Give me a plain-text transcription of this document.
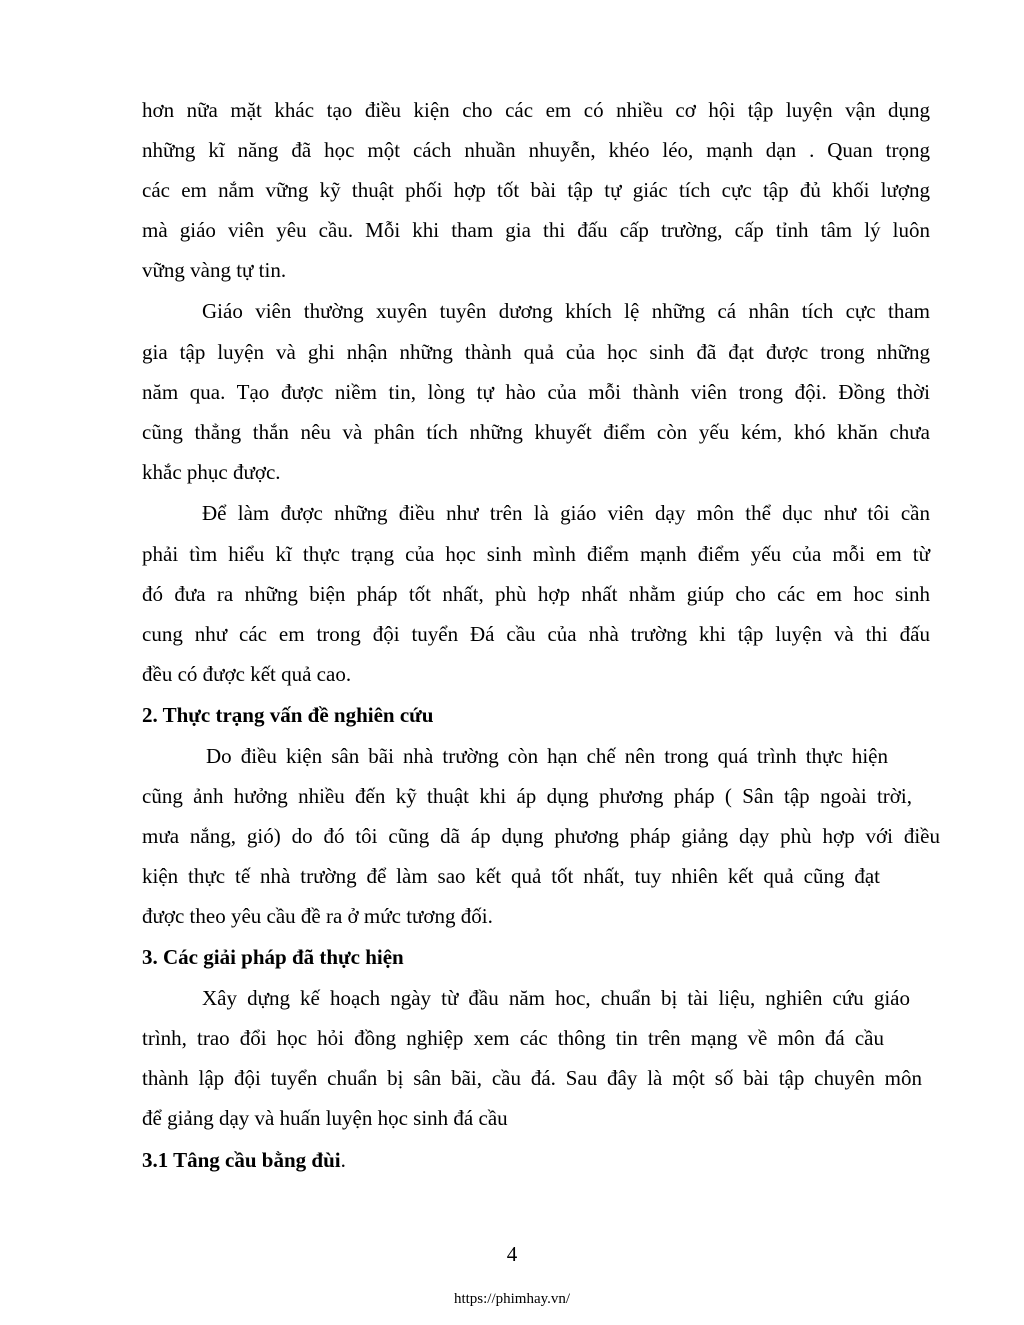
hơn nữa mặt khác tạo điều kiện cho các em có nhiều cơ hội tập luyện vận dụng
những kĩ năng đã học một cách nhuần nhuyễn, khéo léo, mạnh dạn . Quan trọng
các em nắm vững kỹ thuật phối hợp tốt bài tập tự giác tích cực tập đủ khối lượng
mà giáo viên yêu cầu. Mỗi khi tham gia thi đấu cấp trường, cấp tỉnh tâm lý luôn
vững vàng tự tin.
Giáo viên thường xuyên tuyên dương khích lệ những cá nhân tích cực tham
gia tập luyện và ghi nhận những thành quả của học sinh đã đạt được trong những
năm qua. Tạo được niềm tin, lòng tự hào của mỗi thành viên trong đội. Đồng thời
cũng thẳng thắn nêu và phân tích những khuyết điểm còn yếu kém, khó khăn chưa
khắc phục được.
Để làm được những điều như trên là giáo viên dạy môn thể dục như tôi cần
phải tìm hiểu kĩ thực trạng của học sinh mình điểm mạnh điểm yếu của mỗi em từ
đó đưa ra những biện pháp tốt nhất, phù hợp nhất nhằm giúp cho các em hoc sinh
cung như các em trong đội tuyển Đá cầu của nhà trường khi tập luyện và thi đấu
đều có được kết quả cao.
2. Thực trạng vấn đề nghiên cứu
Do điều kiện sân bãi nhà trường còn hạn chế nên trong quá trình thực hiện
cũng ảnh hưởng nhiều đến kỹ thuật khi áp dụng phương pháp ( Sân tập ngoài trời,
mưa nắng, gió) do đó tôi cũng dã áp dụng phương pháp giảng dạy phù hợp với điều
kiện thực tế nhà trường để làm sao kết quả tốt nhất, tuy nhiên kết quả cũng đạt
được theo yêu cầu đề ra ở mức tương đối.
3. Các giải pháp đã thực hiện
Xây dựng kế hoạch ngày từ đầu năm hoc, chuẩn bị tài liệu, nghiên cứu giáo
trình, trao đổi học hỏi đồng nghiệp xem các thông tin trên mạng về môn đá cầu
thành lập đội tuyển chuẩn bị sân bãi, cầu đá. Sau đây là một số bài tập chuyên môn
để giảng dạy và huấn luyện học sinh đá cầu
3.1 Tâng cầu bằng đùi.
4
https://phimhay.vn/
